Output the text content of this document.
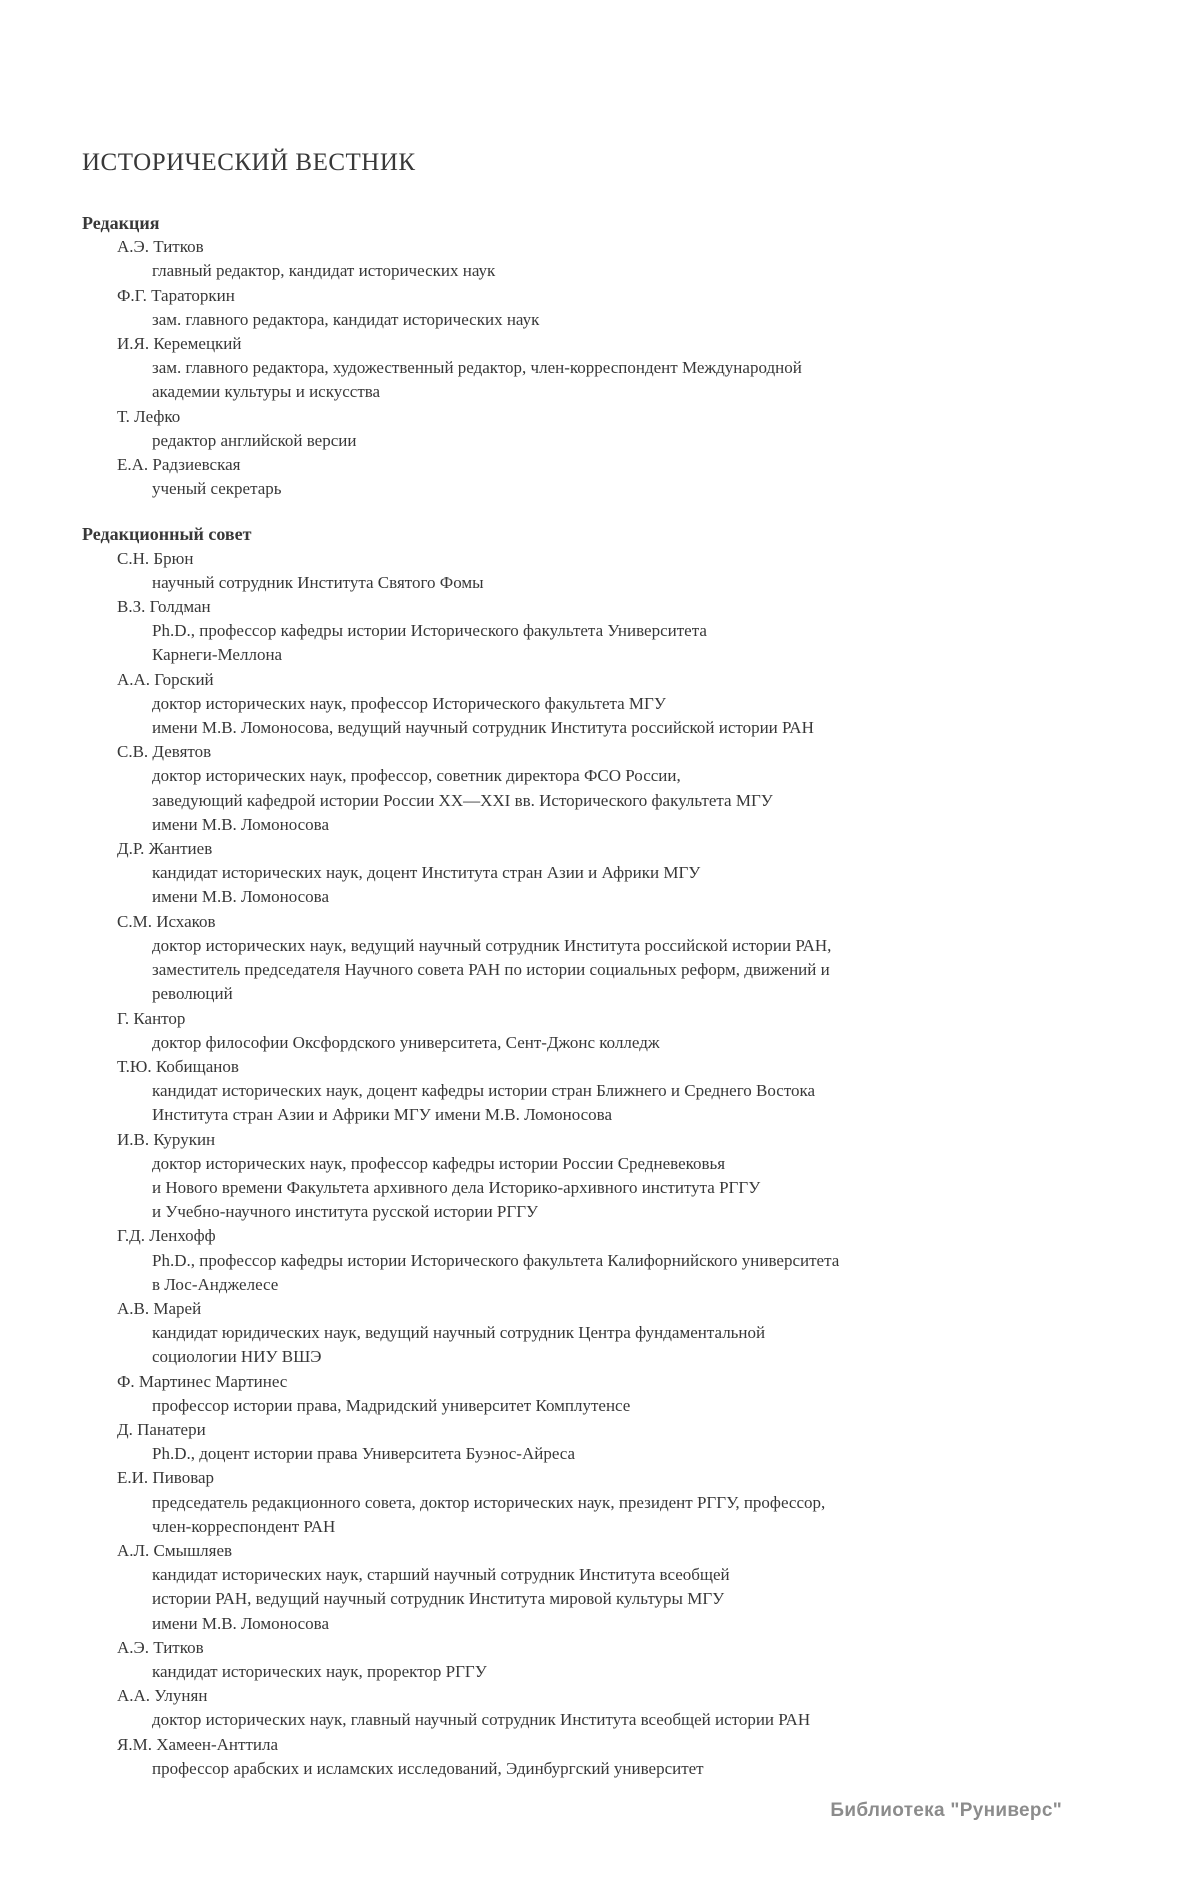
ИСТОРИЧЕСКИЙ ВЕСТНИК
Редакция
А.Э. Титков
главный редактор, кандидат исторических наук
Ф.Г. Тараторкин
зам. главного редактора, кандидат исторических наук
И.Я. Керемецкий
зам. главного редактора, художественный редактор, член-корреспондент Международной
академии культуры и искусства
Т. Лефко
редактор английской версии
Е.А. Радзиевская
ученый секретарь
Редакционный совет
С.Н. Брюн
научный сотрудник Института Святого Фомы
В.З. Голдман
Ph.D., профессор кафедры истории Исторического факультета Университета
Карнеги-Меллона
А.А. Горский
доктор исторических наук, профессор Исторического факультета МГУ
имени М.В. Ломоносова, ведущий научный сотрудник Института российской истории РАН
С.В. Девятов
доктор исторических наук, профессор, советник директора ФСО России,
заведующий кафедрой истории России XX—XXI вв. Исторического факультета МГУ
имени М.В. Ломоносова
Д.Р. Жантиев
кандидат исторических наук, доцент Института стран Азии и Африки МГУ
имени М.В. Ломоносова
С.М. Исхаков
доктор исторических наук, ведущий научный сотрудник Института российской истории РАН,
заместитель председателя Научного совета РАН по истории социальных реформ, движений и
революций
Г. Кантор
доктор философии Оксфордского университета, Сент-Джонс колледж
Т.Ю. Кобищанов
кандидат исторических наук, доцент кафедры истории стран Ближнего и Среднего Востока
Института стран Азии и Африки МГУ имени М.В. Ломоносова
И.В. Курукин
доктор исторических наук, профессор кафедры истории России Средневековья
и Нового времени Факультета архивного дела Историко-архивного института РГГУ
и Учебно-научного института русской истории РГГУ
Г.Д. Ленхофф
Ph.D., профессор кафедры истории Исторического факультета Калифорнийского университета
в Лос-Анджелесе
А.В. Марей
кандидат юридических наук, ведущий научный сотрудник Центра фундаментальной
социологии НИУ ВШЭ
Ф. Мартинес Мартинес
профессор истории права, Мадридский университет Комплутенсе
Д. Панатери
Ph.D., доцент истории права Университета Буэнос-Айреса
Е.И. Пивовар
председатель редакционного совета, доктор исторических наук, президент РГГУ, профессор,
член-корреспондент РАН
А.Л. Смышляев
кандидат исторических наук, старший научный сотрудник Института всеобщей
истории РАН, ведущий научный сотрудник Института мировой культуры МГУ
имени М.В. Ломоносова
А.Э. Титков
кандидат исторических наук, проректор РГГУ
А.А. Улунян
доктор исторических наук, главный научный сотрудник Института всеобщей истории РАН
Я.М. Хамеен-Анттила
профессор арабских и исламских исследований, Эдинбургский университет
Библиотека "Руниверс"
